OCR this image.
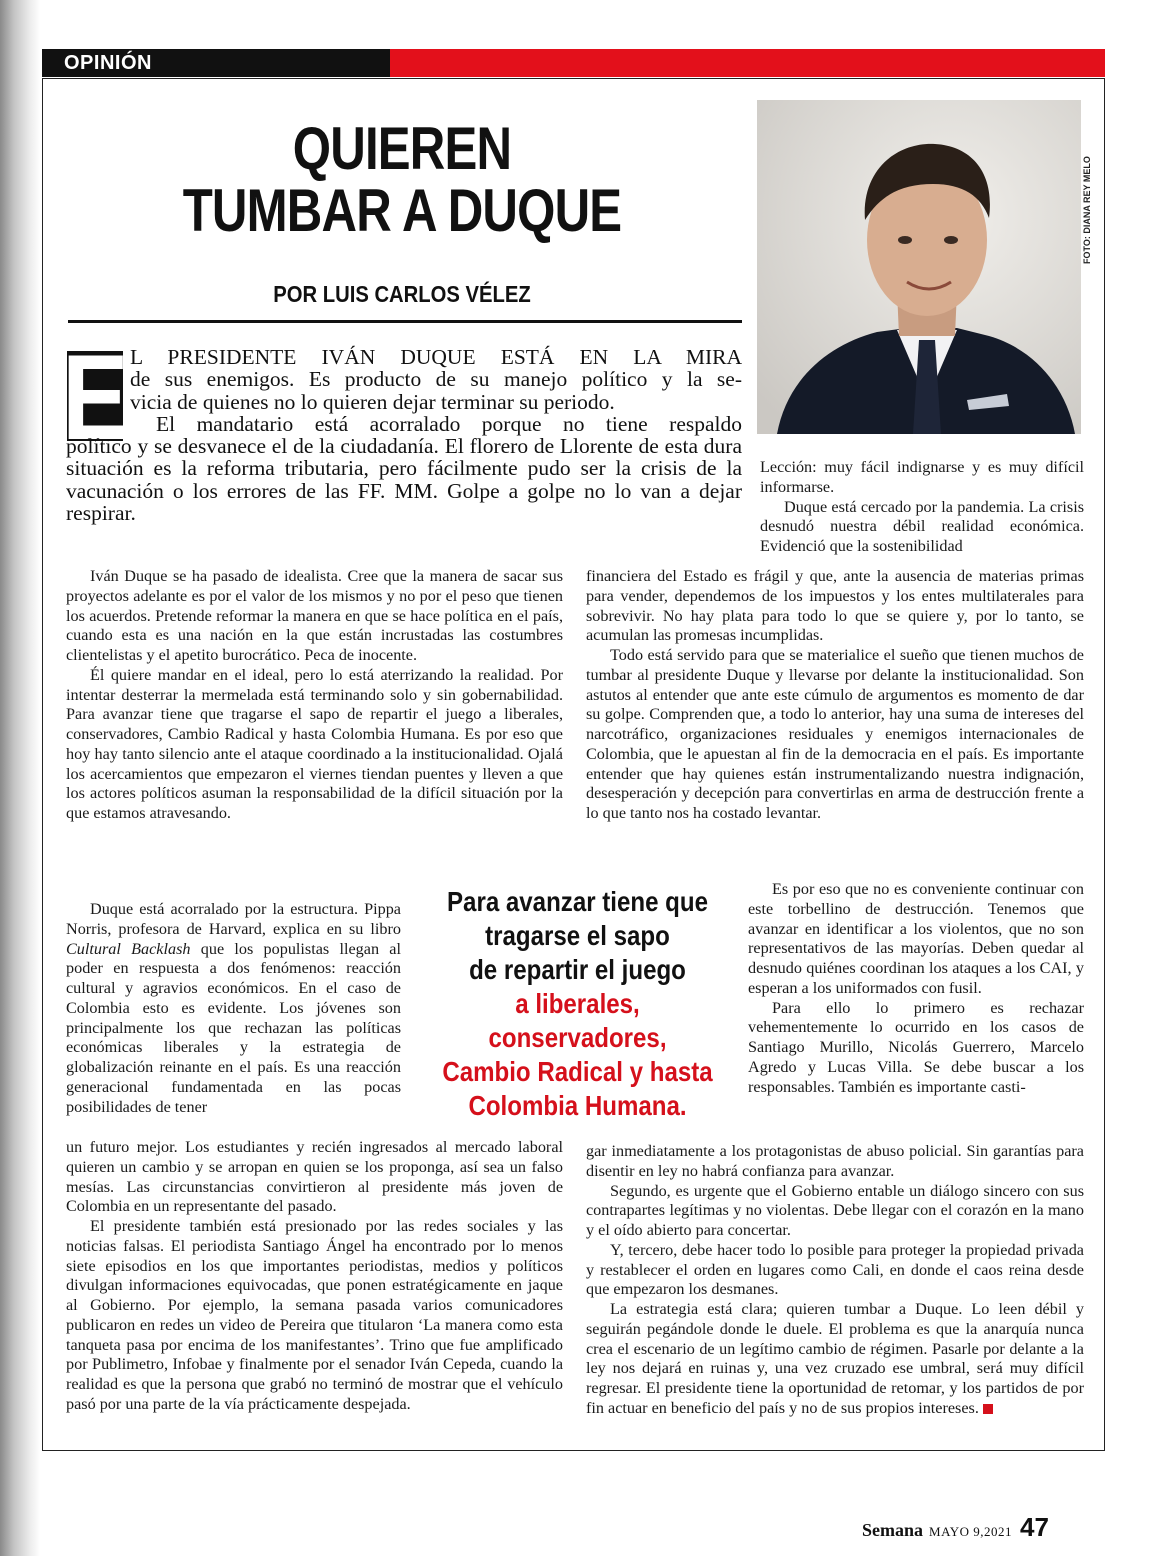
OPINIÓN
QUIEREN
TUMBAR A DUQUE
POR LUIS CARLOS VÉLEZ
FOTO: DIANA REY MELO
E L PRESIDENTE IVÁN DUQUE ESTÁ EN LA MIRA

de sus enemigos. Es producto de su manejo político y la se-

vicia de quienes no lo quieren dejar terminar su periodo.

El mandatario está acorralado porque no tiene respaldo

político y se desvanece el de la ciudadanía. El florero de Llorente de esta dura situación es la reforma tributaria, pero fácilmente pudo ser la crisis de la vacunación o los errores de las FF. MM. Golpe a golpe no lo van a dejar respirar.

Iván Duque se ha pasado de idealista. Cree que la manera de sacar sus proyectos adelante es por el valor de los mismos y no por el peso que tienen los acuerdos. Pretende reformar la manera en que se hace política en el país, cuando esta es una nación en la que están incrustadas las costumbres clientelistas y el apetito burocrático. Peca de inocente.

Él quiere mandar en el ideal, pero lo está aterrizando la realidad. Por intentar desterrar la mermelada está terminando solo y sin gobernabilidad. Para avanzar tiene que tragarse el sapo de repartir el juego a liberales, conservadores, Cambio Radical y hasta Colombia Humana. Es por eso que hoy hay tanto silencio ante el ataque coordinado a la institucionalidad. Ojalá los acercamientos que empezaron el viernes tiendan puentes y lleven a que los actores políticos asuman la responsabilidad de la difícil situación por la que estamos atravesando.

Duque está acorralado por la estructura. Pippa Norris, profesora de Harvard, explica en su libro Cultural Backlash que los populistas llegan al poder en respuesta a dos fenómenos: reacción cultural y agravios económicos. En el caso de Colombia esto es evidente. Los jóvenes son principalmente los que rechazan las políticas económicas liberales y la estrategia de globalización reinante en el país. Es una reacción generacional fundamentada en las pocas posibilidades de tener

un futuro mejor. Los estudiantes y recién ingresados al mercado laboral quieren un cambio y se arropan en quien se los proponga, así sea un falso mesías. Las circunstancias convirtieron al presidente más joven de Colombia en un representante del pasado.

El presidente también está presionado por las redes sociales y las noticias falsas. El periodista Santiago Ángel ha encontrado por lo menos siete episodios en los que importantes periodistas, medios y políticos divulgan informaciones equivocadas, que ponen estratégicamente en jaque al Gobierno. Por ejemplo, la semana pasada varios comunicadores publicaron en redes un video de Pereira que titularon ‘La manera como esta tanqueta pasa por encima de los manifestantes’. Trino que fue amplificado por Publimetro, Infobae y finalmente por el senador Iván Cepeda, cuando la realidad es que la persona que grabó no terminó de mostrar que el vehículo pasó por una parte de la vía prácticamente despejada.

Lección: muy fácil indignarse y es muy difícil informarse.

Duque está cercado por la pandemia. La crisis desnudó nuestra débil realidad económica. Evidenció que la sostenibilidad

financiera del Estado es frágil y que, ante la ausencia de materias primas para vender, dependemos de los impuestos y los entes multilaterales para sobrevivir. No hay plata para todo lo que se quiere y, por lo tanto, se acumulan las promesas incumplidas.

Todo está servido para que se materialice el sueño que tienen muchos de tumbar al presidente Duque y llevarse por delante la institucionalidad. Son astutos al entender que ante este cúmulo de argumentos es momento de dar su golpe. Comprenden que, a todo lo anterior, hay una suma de intereses del narcotráfico, organizaciones residuales y enemigos internacionales de Colombia, que le apuestan al fin de la democracia en el país. Es importante entender que hay quienes están instrumentalizando nuestra indignación, desesperación y decepción para convertirlas en arma de destrucción frente a lo que tanto nos ha costado levantar.

Es por eso que no es conveniente continuar con este torbellino de destrucción. Tenemos que avanzar en identificar a los violentos, que no son representativos de las mayorías. Deben quedar al desnudo quiénes coordinan los ataques a los CAI, y esperan a los uniformados con fusil.

Para ello lo primero es rechazar vehementemente lo ocurrido en los casos de Santiago Murillo, Nicolás Guerrero, Marcelo Agredo y Lucas Villa. Se debe buscar a los responsables. También es importante casti-

gar inmediatamente a los protagonistas de abuso policial. Sin garantías para disentir en ley no habrá confianza para avanzar.

Segundo, es urgente que el Gobierno entable un diálogo sincero con sus contrapartes legítimas y no violentas. Debe llegar con el corazón en la mano y el oído abierto para concertar.

Y, tercero, debe hacer todo lo posible para proteger la propiedad privada y restablecer el orden en lugares como Cali, en donde el caos reina desde que empezaron los desmanes.

La estrategia está clara; quieren tumbar a Duque. Lo leen débil y seguirán pegándole donde le duele. El problema es que la anarquía nunca crea el escenario de un legítimo cambio de régimen. Pasarle por delante a la ley nos dejará en ruinas y, una vez cruzado ese umbral, será muy difícil regresar. El presidente tiene la oportunidad de retomar, y los partidos de por fin actuar en beneficio del país y no de sus propios intereses.

Para avanzar tiene que
tragarse el sapo
de repartir el juego
a liberales,
conservadores,
Cambio Radical y hasta
Colombia Humana.
Semana MAYO 9,2021 47
